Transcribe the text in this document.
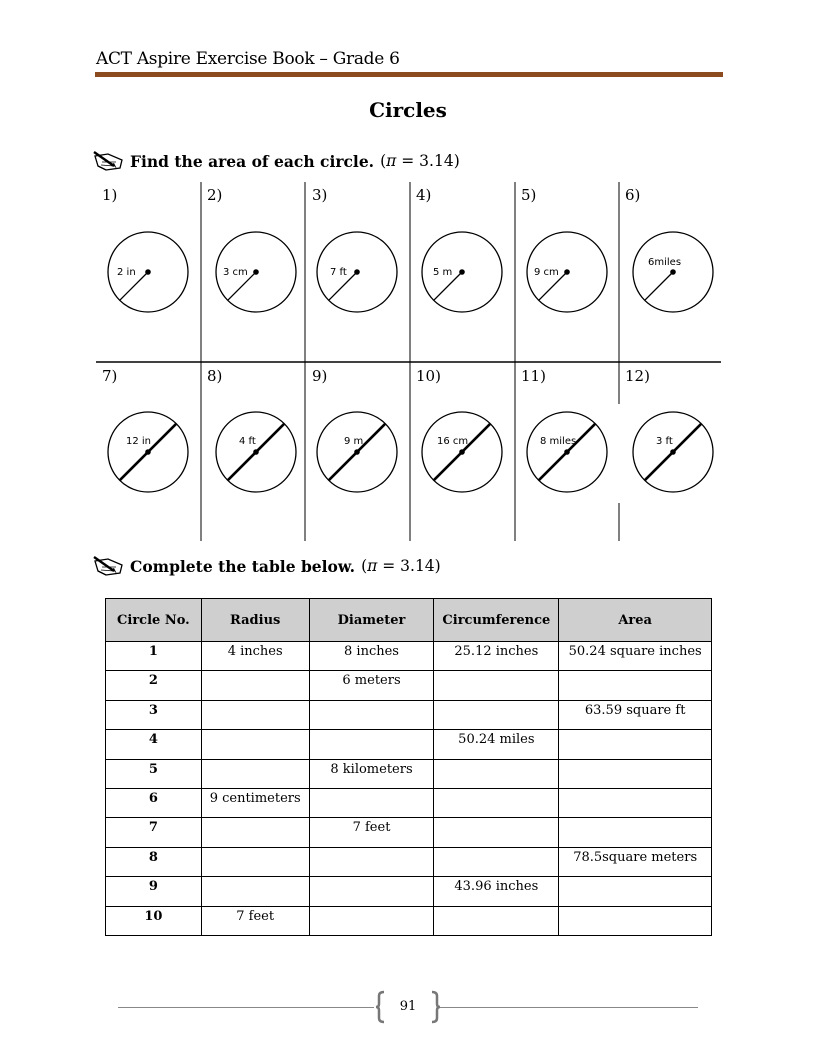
ACT Aspire Exercise Book – Grade 6
Circles
Find the area of each circle. (π = 3.14)
1)
2 in
2)
3 cm
3)
7 ft
4)
5 m
5)
9 cm
6)
6miles
7)
12 in
8)
4 ft
9)
9 m
10)
16 cm
11)
8 miles
12)
3 ft
Complete the table below. (π = 3.14)
Circle No.	Radius	Diameter	Circumference	Area
1	4 inches	8 inches	25.12 inches	50.24 square inches
2		6 meters		
3				63.59 square ft
4			50.24 miles	
5		8 kilometers		
6	9 centimeters			
7		7 feet		
8				78.5square meters
9			43.96 inches	
10	7 feet			
91
